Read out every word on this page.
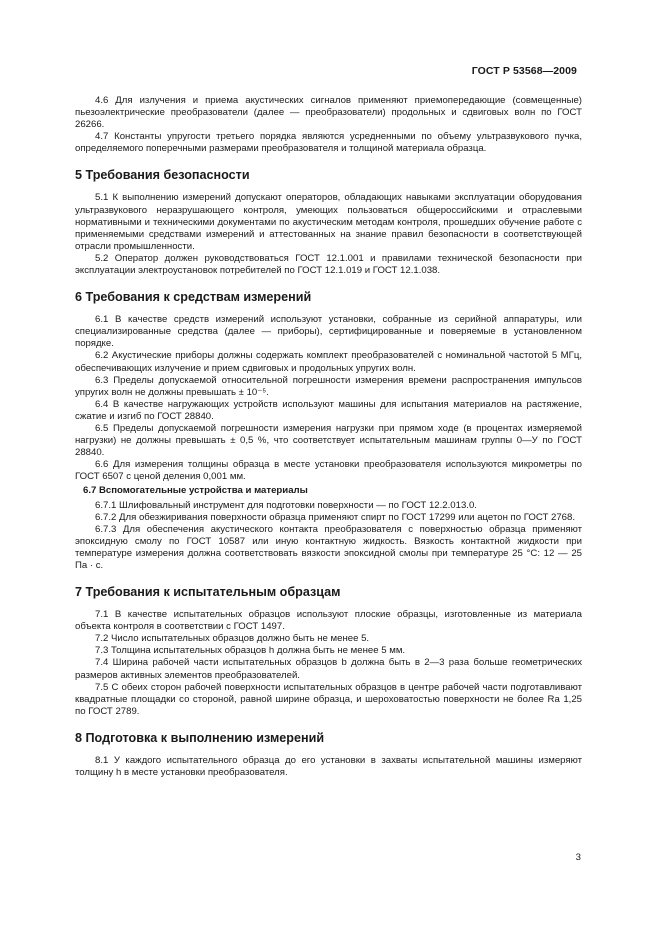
ГОСТ Р 53568—2009

4.6 Для излучения и приема акустических сигналов применяют приемопередающие (совмещенные) пьезоэлектрические преобразователи (далее — преобразователи) продольных и сдвиговых волн по ГОСТ 26266.

4.7 Константы упругости третьего порядка являются усредненными по объему ультразвукового пучка, определяемого поперечными размерами преобразователя и толщиной материала образца.

5 Требования безопасности

5.1 К выполнению измерений допускают операторов, обладающих навыками эксплуатации оборудования ультразвукового неразрушающего контроля, умеющих пользоваться общероссийскими и отраслевыми нормативными и техническими документами по акустическим методам контроля, прошедших обучение работе с применяемыми средствами измерений и аттестованных на знание правил безопасности в соответствующей отрасли промышленности.

5.2 Оператор должен руководствоваться ГОСТ 12.1.001 и правилами технической безопасности при эксплуатации электроустановок потребителей по ГОСТ 12.1.019 и ГОСТ 12.1.038.

6 Требования к средствам измерений

6.1 В качестве средств измерений используют установки, собранные из серийной аппаратуры, или специализированные средства (далее — приборы), сертифицированные и поверяемые в установленном порядке.

6.2 Акустические приборы должны содержать комплект преобразователей с номинальной частотой 5 МГц, обеспечивающих излучение и прием сдвиговых и продольных упругих волн.

6.3 Пределы допускаемой относительной погрешности измерения времени распространения импульсов упругих волн не должны превышать ± 10⁻⁵.

6.4 В качестве нагружающих устройств используют машины для испытания материалов на растяжение, сжатие и изгиб по ГОСТ 28840.

6.5 Пределы допускаемой погрешности измерения нагрузки при прямом ходе (в процентах измеряемой нагрузки) не должны превышать ± 0,5 %, что соответствует испытательным машинам группы 0—У по ГОСТ 28840.

6.6 Для измерения толщины образца в месте установки преобразователя используются микрометры по ГОСТ 6507 с ценой деления 0,001 мм.

6.7 Вспомогательные устройства и материалы

6.7.1 Шлифовальный инструмент для подготовки поверхности — по ГОСТ 12.2.013.0.

6.7.2 Для обезжиривания поверхности образца применяют спирт по ГОСТ 17299 или ацетон по ГОСТ 2768.

6.7.3 Для обеспечения акустического контакта преобразователя с поверхностью образца применяют эпоксидную смолу по ГОСТ 10587 или иную контактную жидкость. Вязкость контактной жидкости при температуре измерения должна соответствовать вязкости эпоксидной смолы при температуре 25 °С: 12 — 25 Па · с.

7 Требования к испытательным образцам

7.1 В качестве испытательных образцов используют плоские образцы, изготовленные из материала объекта контроля в соответствии с ГОСТ 1497.

7.2 Число испытательных образцов должно быть не менее 5.

7.3 Толщина испытательных образцов h должна быть не менее 5 мм.

7.4 Ширина рабочей части испытательных образцов b должна быть в 2—3 раза больше геометрических размеров активных элементов преобразователей.

7.5 С обеих сторон рабочей поверхности испытательных образцов в центре рабочей части подготавливают квадратные площадки со стороной, равной ширине образца, и шероховатостью поверхности не более Ra 1,25 по ГОСТ 2789.

8 Подготовка к выполнению измерений

8.1 У каждого испытательного образца до его установки в захваты испытательной машины измеряют толщину h в месте установки преобразователя.

3
